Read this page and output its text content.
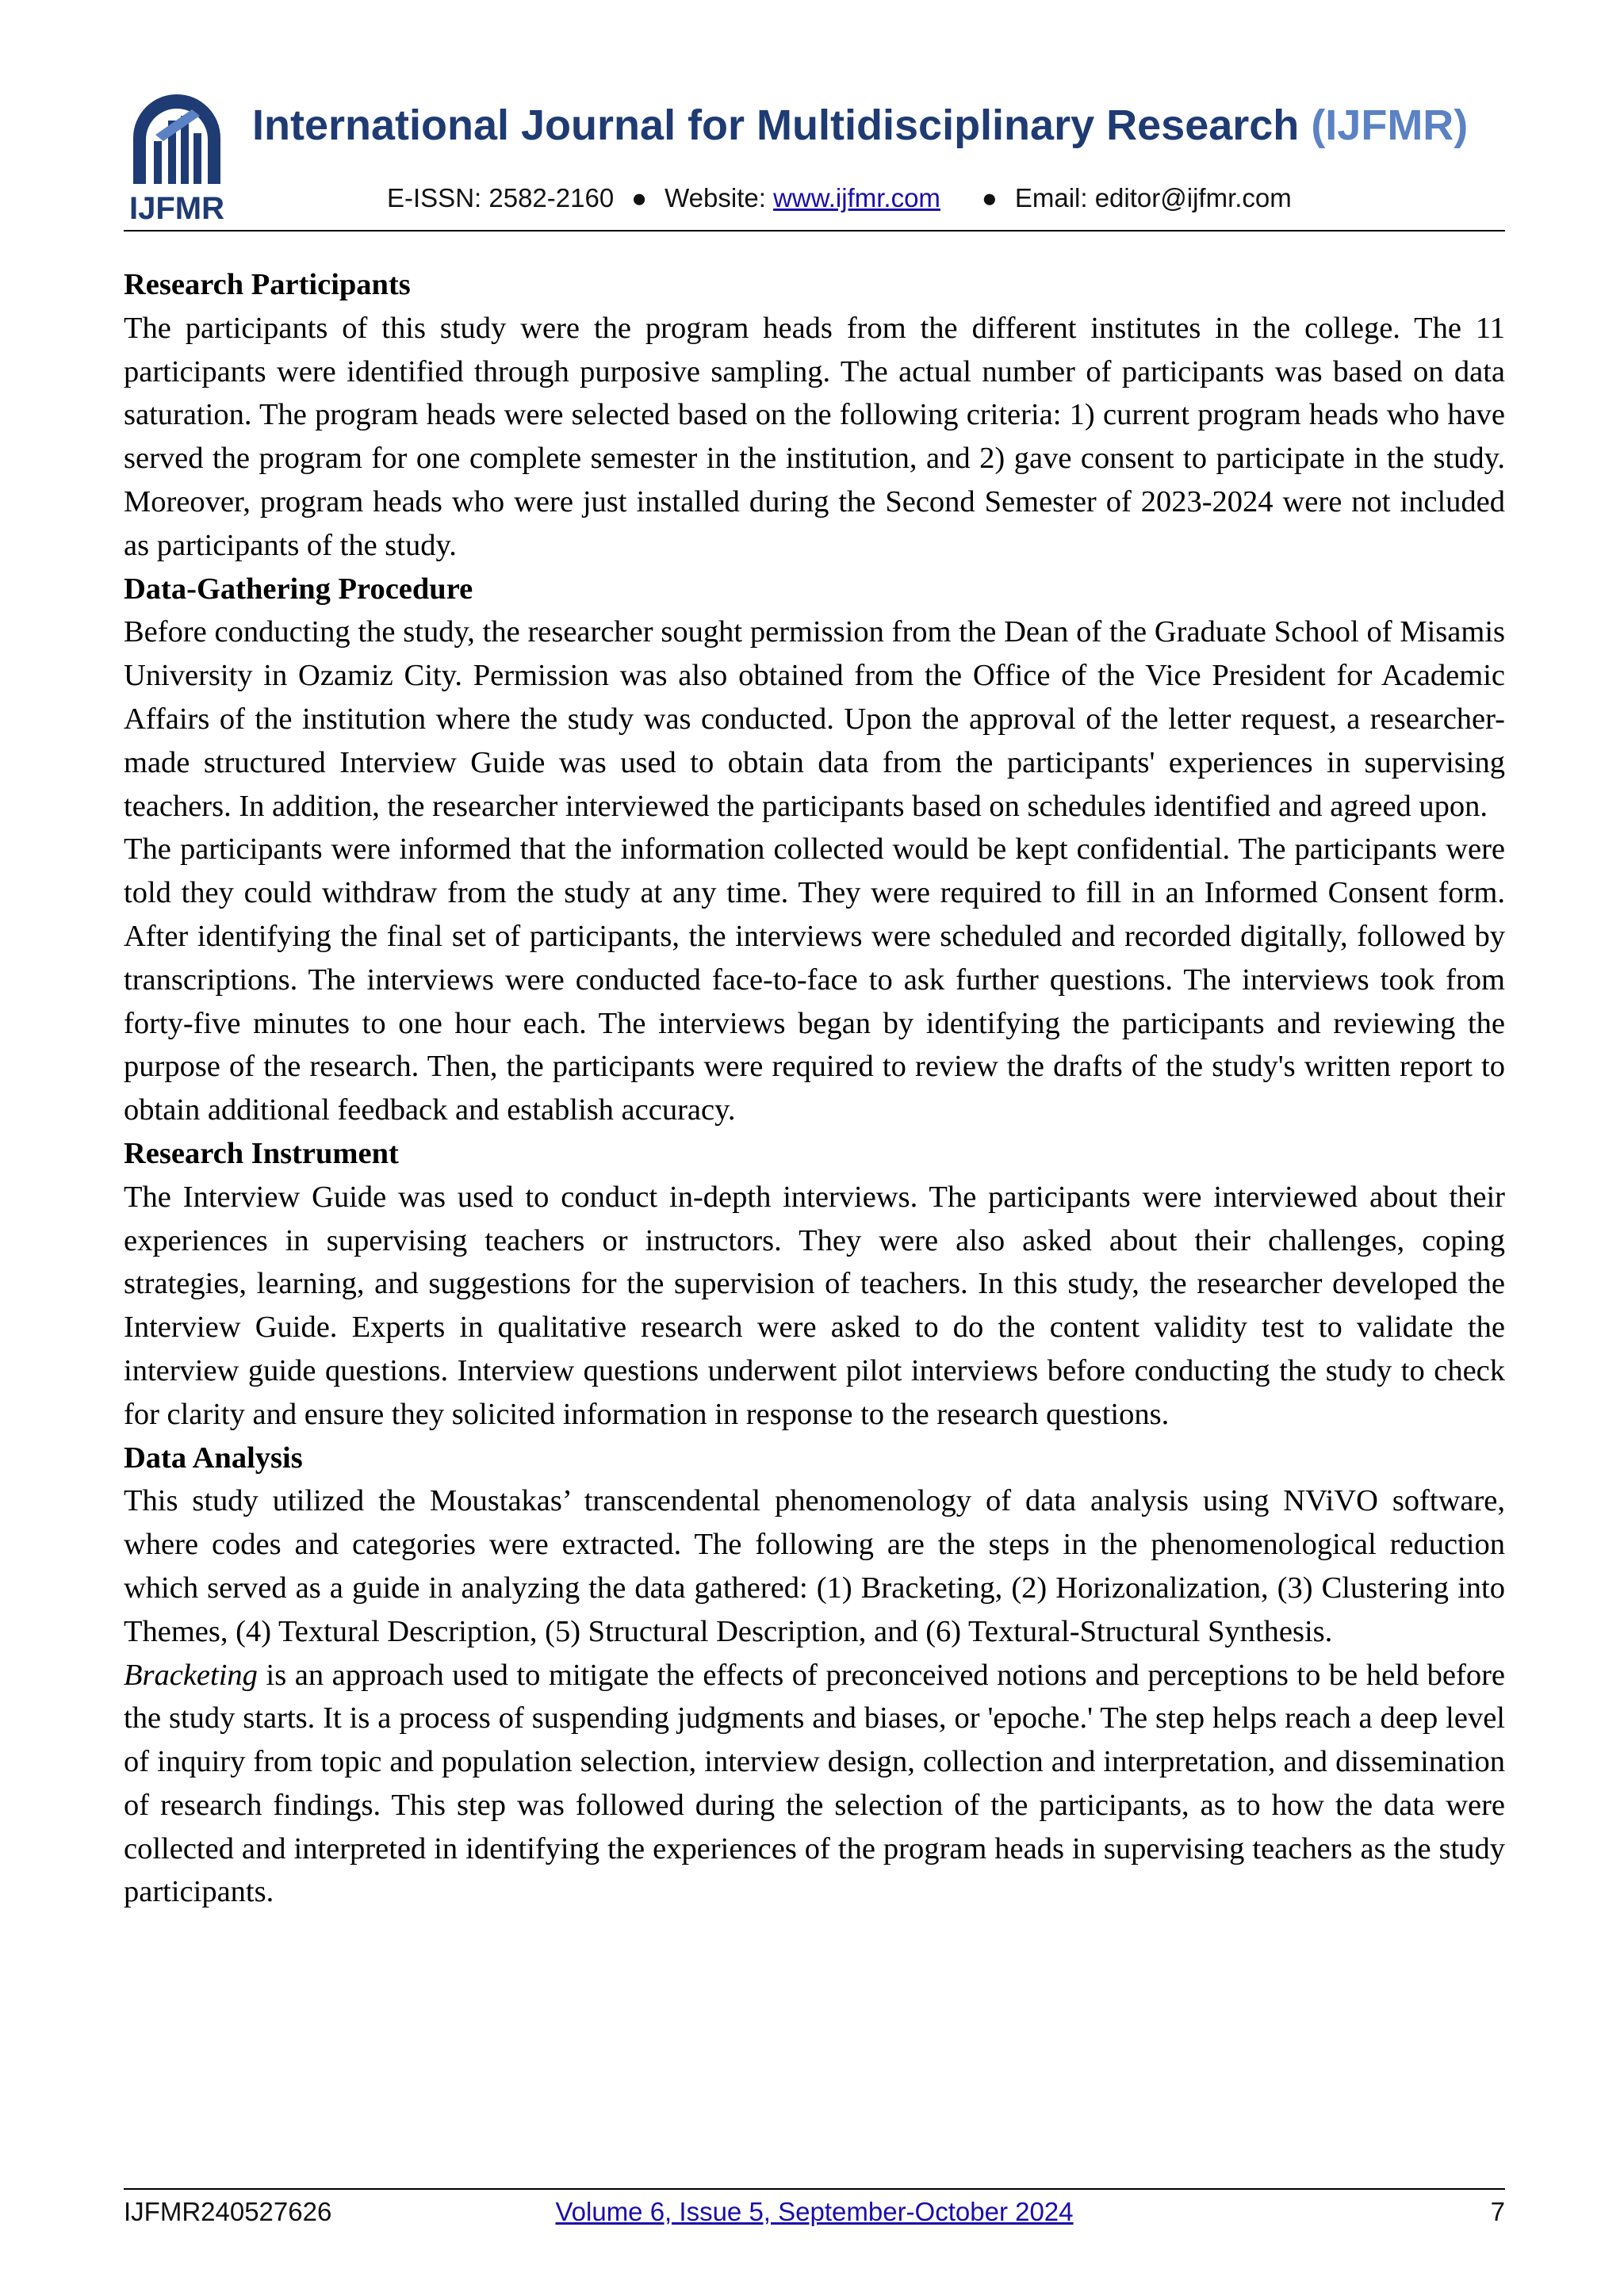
IJFMR
International Journal for Multidisciplinary Research (IJFMR)
E-ISSN: 2582-2160 ● Website: www.ijfmr.com ● Email: editor@ijfmr.com
Research Participants

The participants of this study were the program heads from the different institutes in the college. The 11 participants were identified through purposive sampling. The actual number of participants was based on data saturation. The program heads were selected based on the following criteria: 1) current program heads who have served the program for one complete semester in the institution, and 2) gave consent to participate in the study. Moreover, program heads who were just installed during the Second Semester of 2023-2024 were not included as participants of the study.

Data-Gathering Procedure

Before conducting the study, the researcher sought permission from the Dean of the Graduate School of Misamis University in Ozamiz City. Permission was also obtained from the Office of the Vice President for Academic Affairs of the institution where the study was conducted. Upon the approval of the letter request, a researcher-made structured Interview Guide was used to obtain data from the participants' experiences in supervising teachers. In addition, the researcher interviewed the participants based on schedules identified and agreed upon.

The participants were informed that the information collected would be kept confidential. The participants were told they could withdraw from the study at any time. They were required to fill in an Informed Consent form. After identifying the final set of participants, the interviews were scheduled and recorded digitally, followed by transcriptions. The interviews were conducted face-to-face to ask further questions. The interviews took from forty-five minutes to one hour each. The interviews began by identifying the participants and reviewing the purpose of the research. Then, the participants were required to review the drafts of the study's written report to obtain additional feedback and establish accuracy.

Research Instrument

The Interview Guide was used to conduct in-depth interviews. The participants were interviewed about their experiences in supervising teachers or instructors. They were also asked about their challenges, coping strategies, learning, and suggestions for the supervision of teachers. In this study, the researcher developed the Interview Guide. Experts in qualitative research were asked to do the content validity test to validate the interview guide questions. Interview questions underwent pilot interviews before conducting the study to check for clarity and ensure they solicited information in response to the research questions.

Data Analysis

This study utilized the Moustakas’ transcendental phenomenology of data analysis using NViVO software, where codes and categories were extracted. The following are the steps in the phenomenological reduction which served as a guide in analyzing the data gathered: (1) Bracketing, (2) Horizonalization, (3) Clustering into Themes, (4) Textural Description, (5) Structural Description, and (6) Textural-Structural Synthesis.

Bracketing is an approach used to mitigate the effects of preconceived notions and perceptions to be held before the study starts. It is a process of suspending judgments and biases, or 'epoche.' The step helps reach a deep level of inquiry from topic and population selection, interview design, collection and interpretation, and dissemination of research findings. This step was followed during the selection of the participants, as to how the data were collected and interpreted in identifying the experiences of the program heads in supervising teachers as the study participants.

IJFMR240527626	Volume 6, Issue 5, September-October 2024	7
